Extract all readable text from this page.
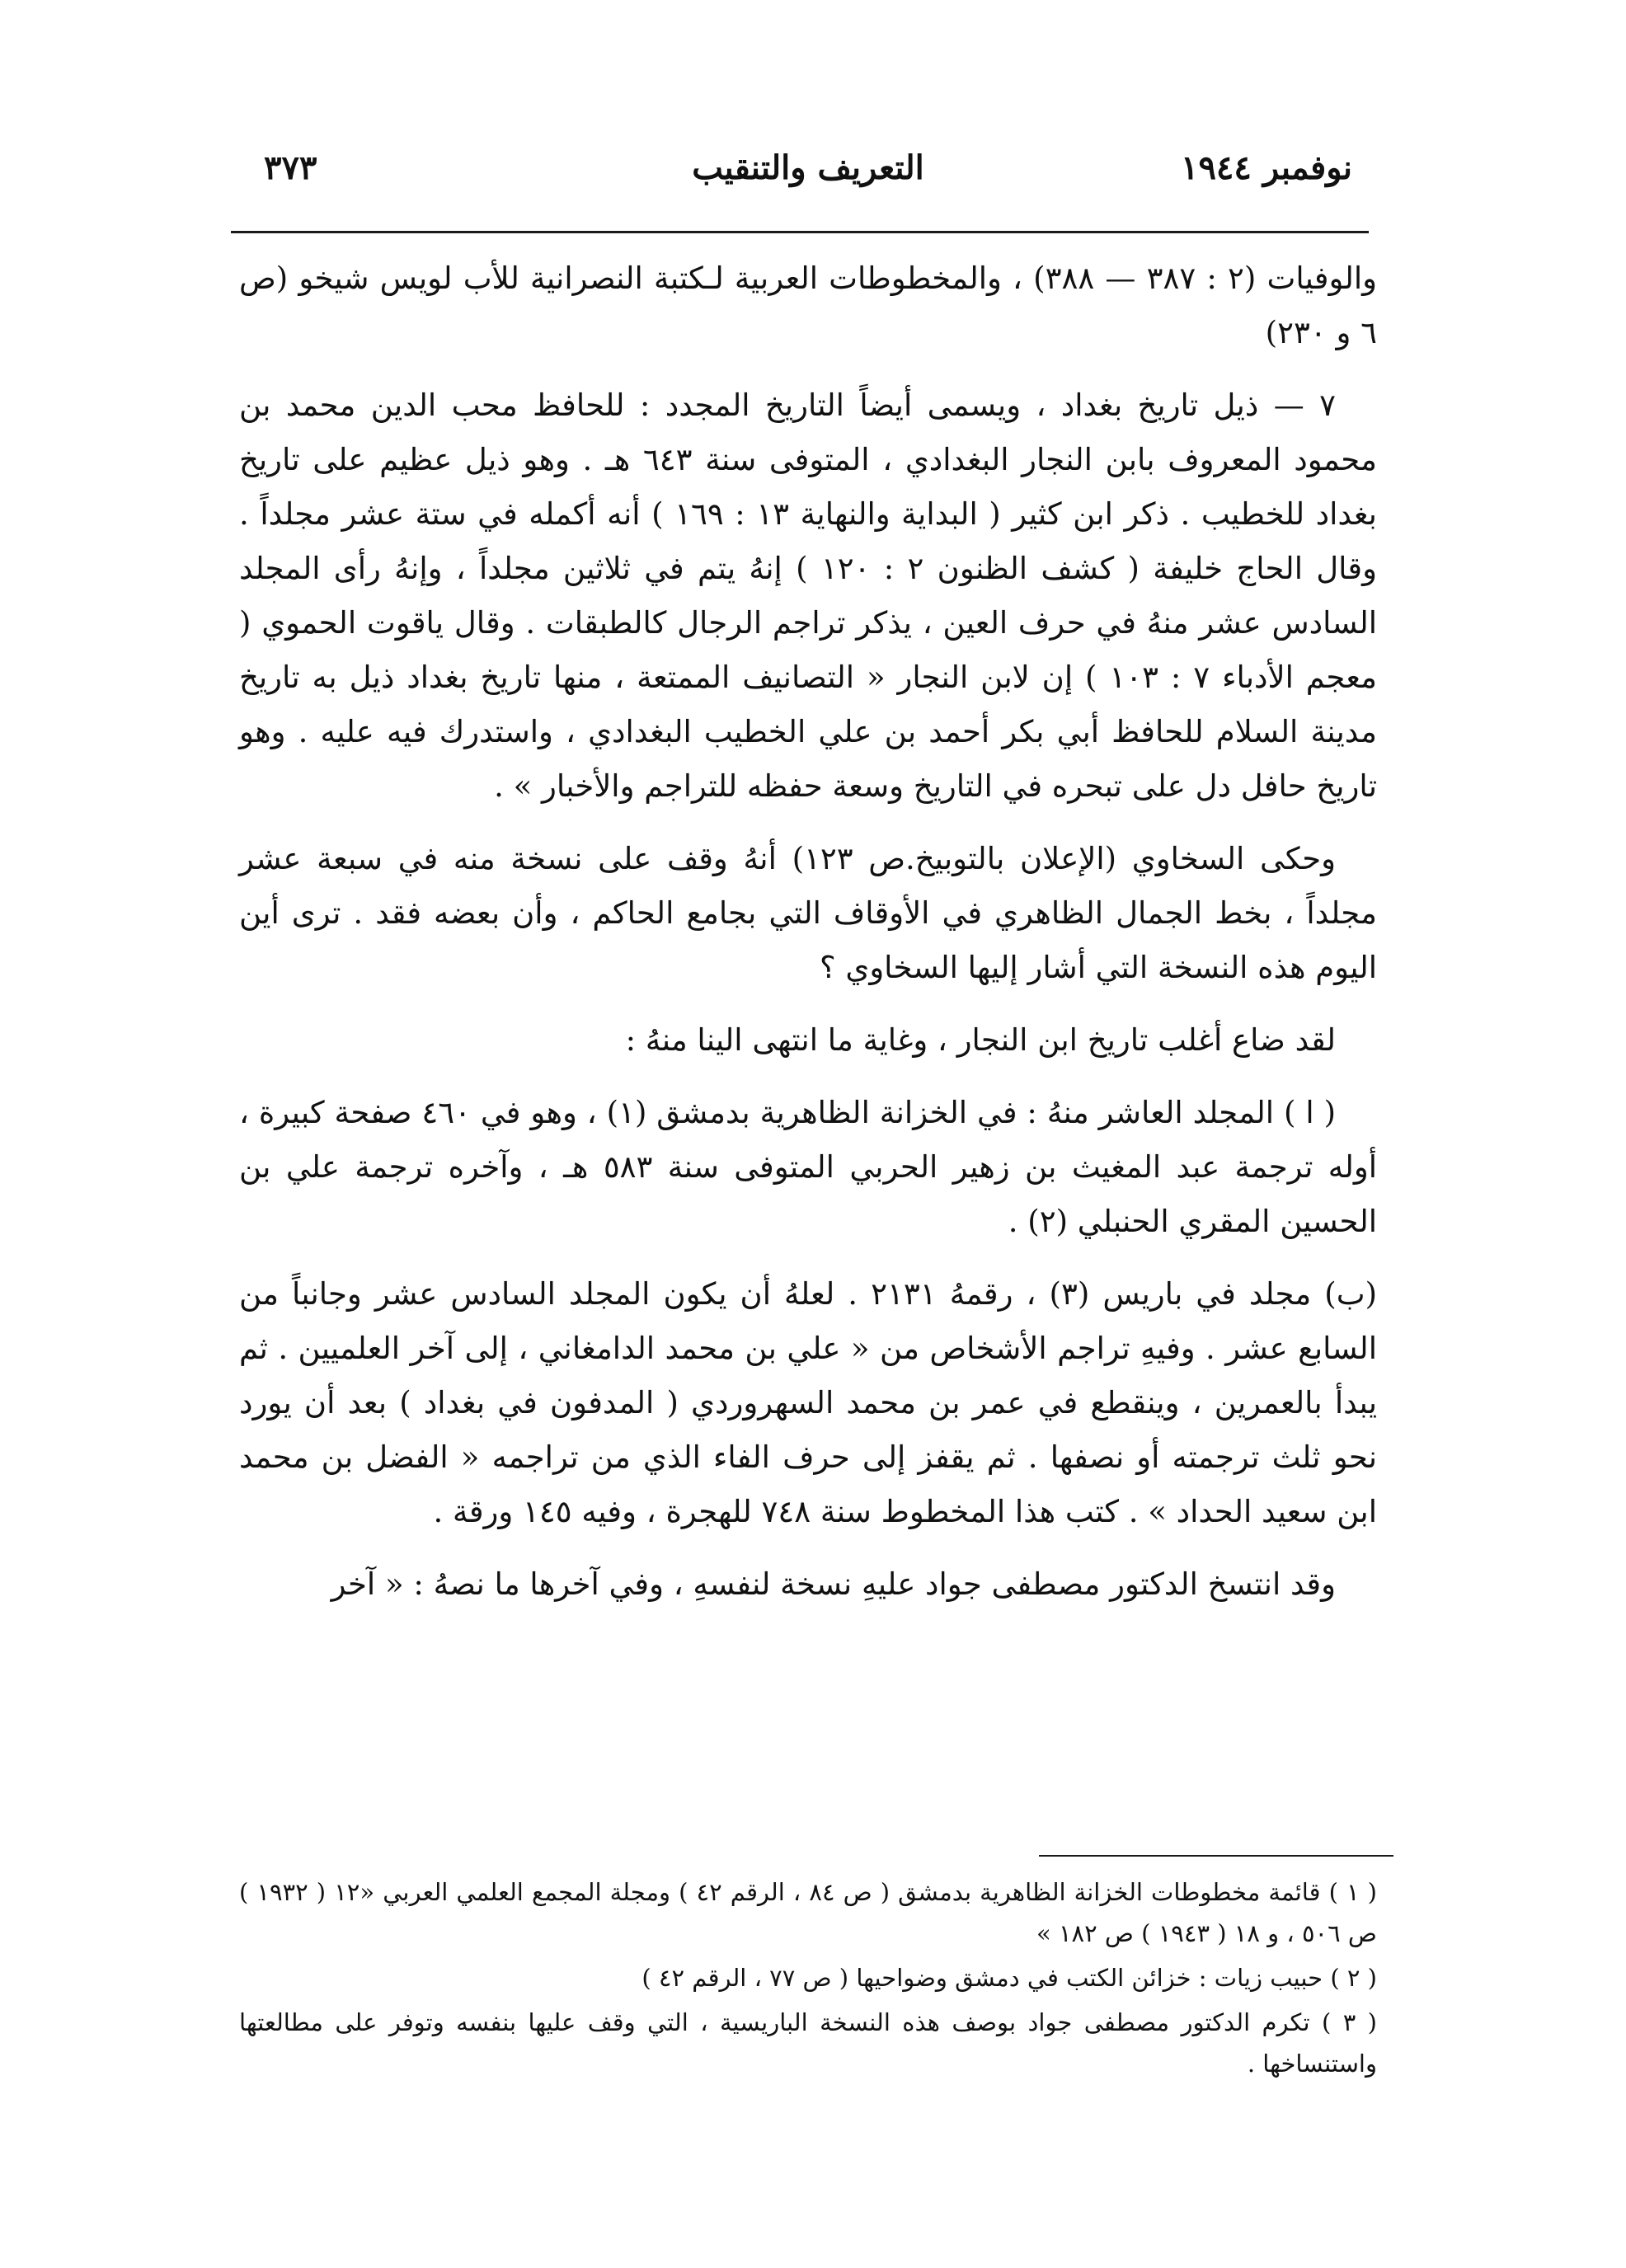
نوفمبر ١٩٤٤
التعريف والتنقيب
٣٧٣

والوفيات (٢ : ٣٨٧ — ٣٨٨) ، والمخطوطات العربية لـكتبة النصرانية للأب لويس شيخو (ص ٦ و ٢٣٠)

٧ — ذيل تاريخ بغداد ، ويسمى أيضاً التاريخ المجدد : للحافظ محب الدين محمد بن محمود المعروف بابن النجار البغدادي ، المتوفى سنة ٦٤٣ هـ . وهو ذيل عظيم على تاريخ بغداد للخطيب . ذكر ابن كثير ( البداية والنهاية ١٣ : ١٦٩ ) أنه أكمله في ستة عشر مجلداً . وقال الحاج خليفة ( كشف الظنون ٢ : ١٢٠ ) إنهُ يتم في ثلاثين مجلداً ، وإنهُ رأى المجلد السادس عشر منهُ في حرف العين ، يذكر تراجم الرجال كالطبقات . وقال ياقوت الحموي ( معجم الأدباء ٧ : ١٠٣ ) إن لابن النجار « التصانيف الممتعة ، منها تاريخ بغداد ذيل به تاريخ مدينة السلام للحافظ أبي بكر أحمد بن علي الخطيب البغدادي ، واستدرك فيه عليه . وهو تاريخ حافل دل على تبحره في التاريخ وسعة حفظه للتراجم والأخبار » .

وحكى السخاوي (الإعلان بالتوبيخ.ص ١٢٣) أنهُ وقف على نسخة منه في سبعة عشر مجلداً ، بخط الجمال الظاهري في الأوقاف التي بجامع الحاكم ، وأن بعضه فقد . ترى أين اليوم هذه النسخة التي أشار إليها السخاوي ؟

لقد ضاع أغلب تاريخ ابن النجار ، وغاية ما انتهى الينا منهُ :

( ا ) المجلد العاشر منهُ : في الخزانة الظاهرية بدمشق (١) ، وهو في ٤٦٠ صفحة كبيرة ، أوله ترجمة عبد المغيث بن زهير الحربي المتوفى سنة ٥٨٣ هـ ، وآخره ترجمة علي بن الحسين المقري الحنبلي (٢) .

(ب) مجلد في باريس (٣) ، رقمهُ ٢١٣١ . لعلهُ أن يكون المجلد السادس عشر وجانباً من السابع عشر . وفيهِ تراجم الأشخاص من « علي بن محمد الدامغاني ، إلى آخر العلميين . ثم يبدأ بالعمرين ، وينقطع في عمر بن محمد السهروردي ( المدفون في بغداد ) بعد أن يورد نحو ثلث ترجمته أو نصفها . ثم يقفز إلى حرف الفاء الذي من تراجمه « الفضل بن محمد ابن سعيد الحداد » . كتب هذا المخطوط سنة ٧٤٨ للهجرة ، وفيه ١٤٥ ورقة .

وقد انتسخ الدكتور مصطفى جواد عليهِ نسخة لنفسهِ ، وفي آخرها ما نصهُ : « آخر

( ١ ) قائمة مخطوطات الخزانة الظاهرية بدمشق ( ص ٨٤ ، الرقم ٤٢ ) ومجلة المجمع العلمي العربي «١٢ ( ١٩٣٢ ) ص ٥٠٦ ، و ١٨ ( ١٩٤٣ ) ص ١٨٢ »

( ٢ ) حبيب زيات : خزائن الكتب في دمشق وضواحيها ( ص ٧٧ ، الرقم ٤٢ )

( ٣ ) تكرم الدكتور مصطفى جواد بوصف هذه النسخة الباريسية ، التي وقف عليها بنفسه وتوفر على مطالعتها واستنساخها .
